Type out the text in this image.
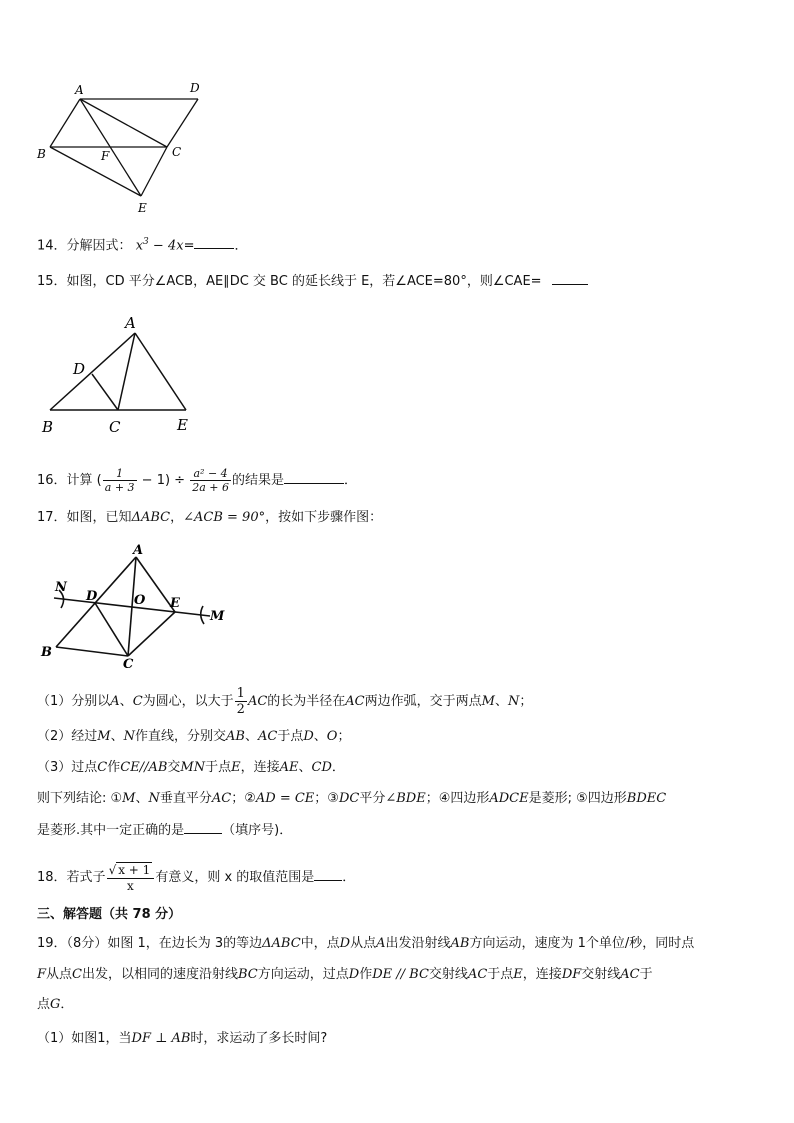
A	D
B	C
F
E
14．分解因式： $x^3 - 4x=$	．
15．如图，CD 平分∠ACB，AE∥DC 交 BC 的延长线于 E，若∠ACE=80°，则∠CAE=
A
D
B	C	E
16．计算 ( $\frac{1}{a + 3} - 1) \div \frac{\text{a² − 4}}{2a + 6}$ 的结果是	．
17．如图，已知ΔABC，∠ACB = 90°，按如下步骤作图：
A
N
D	O E
M
B
C
（1）分别以A、C为圆心，以大于 $\frac{1}{2}$ AC的长为半径在AC两边作弧，交于两点M、N；
（2）经过M、N作直线，分别交AB、AC于点D、O；
（3）过点C作CE//AB交MN于点E，连接AE、CD．
则下列结论: ①M、N垂直平分AC；②AD = CE；③DC平分∠BDE；④四边形ADCE是菱形; ⑤四边形BDEC
是菱形.其中一定正确的是	（填序号)．
18．若式子 $\frac{√ x + 1}{x}$ 有意义，则 x 的取值范围是 ．
三、解答题（共 78 分）
19．（8分）如图 1，在边长为 3的等边ΔABC中，点D从点A出发沿射线AB方向运动，速度为 1个单位/秒，同时点
F从点C出发，以相同的速度沿射线BC方向运动，过点D作DE // BC交射线AC于点E，连接DF交射线AC于
点G．
（1）如图1，当DF ⊥ AB时，求运动了多长时间?
